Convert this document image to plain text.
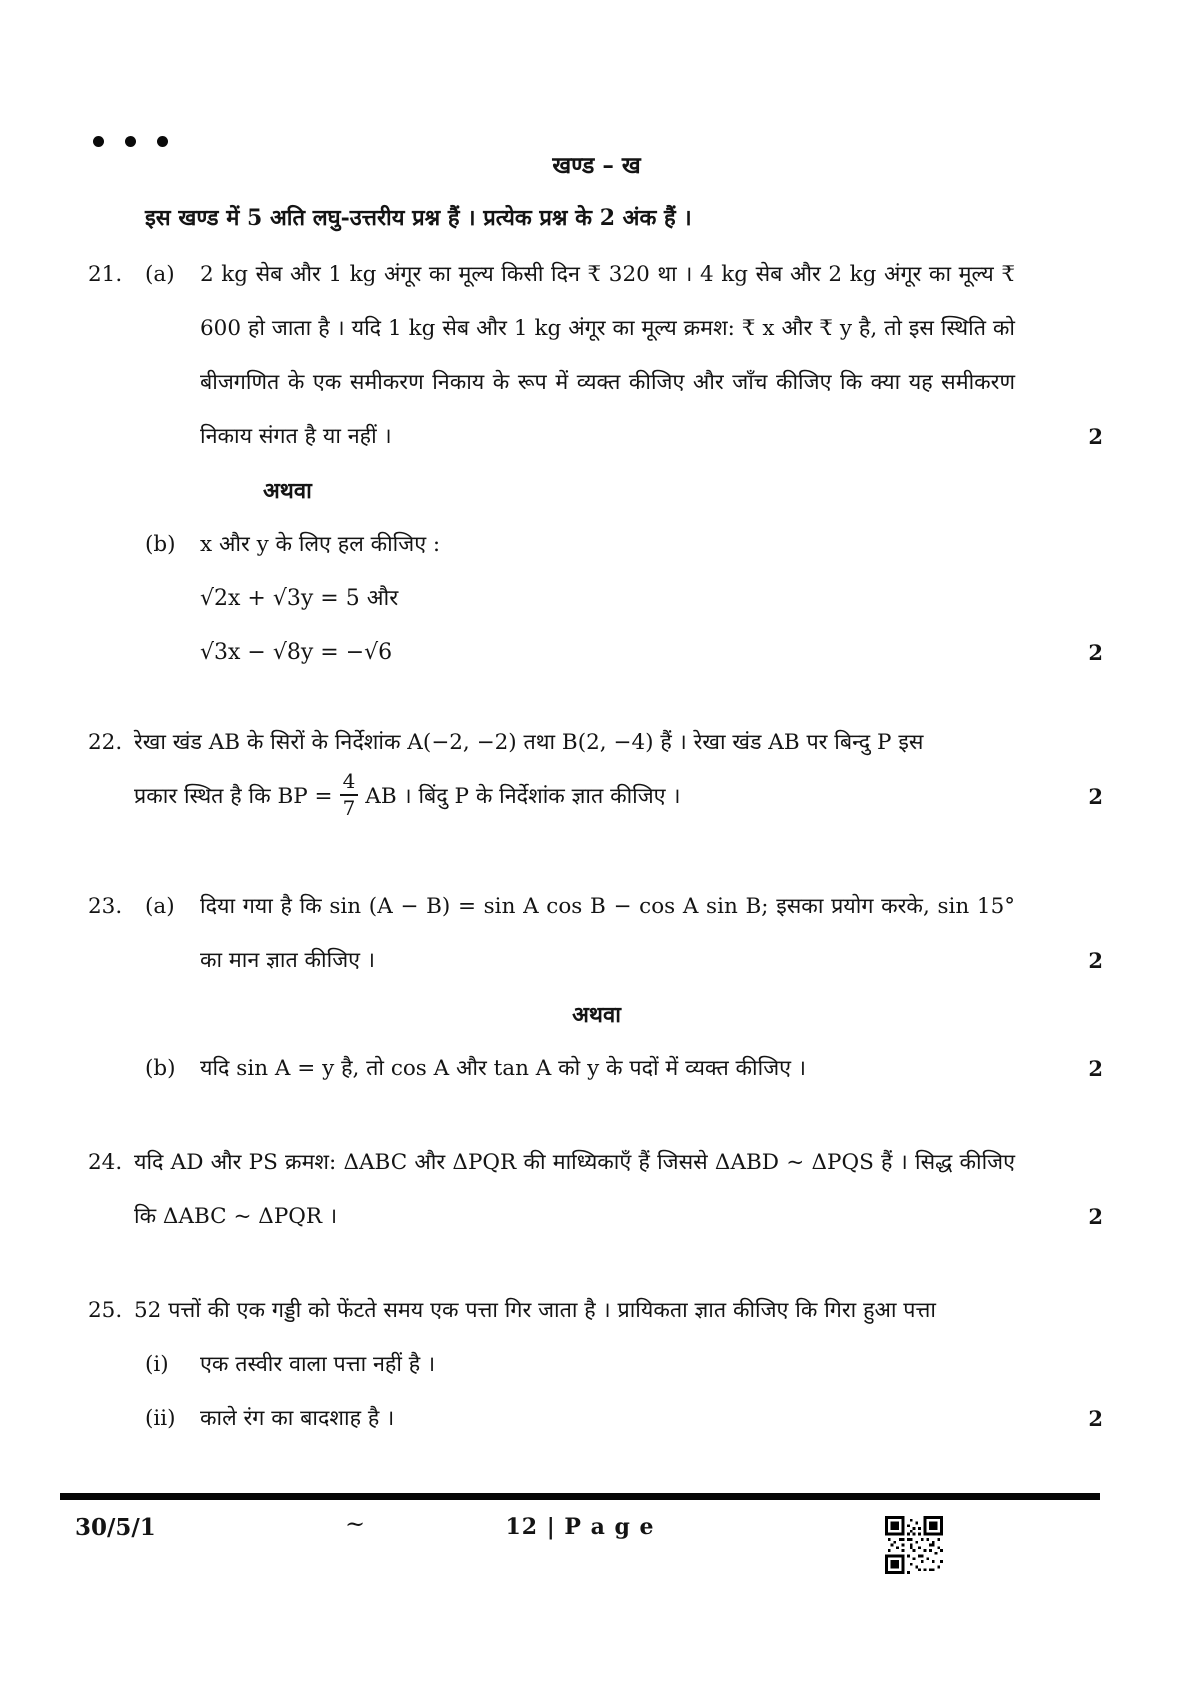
खण्ड – ख
इस खण्ड में 5 अति लघु-उत्तरीय प्रश्न हैं । प्रत्येक प्रश्न के 2 अंक हैं ।
21.	(a)	2 kg सेब और 1 kg अंगूर का मूल्य किसी दिन ₹ 320 था । 4 kg सेब और 2 kg अंगूर का मूल्य ₹ 600 हो जाता है । यदि 1 kg सेब और 1 kg अंगूर का मूल्य क्रमश: ₹ x और ₹ y है, तो इस स्थिति को बीजगणित के एक समीकरण निकाय के रूप में व्यक्त कीजिए और जाँच कीजिए कि क्या यह समीकरण निकाय संगत है या नहीं ।	2
अथवा
(b)	x और y के लिए हल कीजिए :
√2x + √3y = 5 और
√3x − √8y = −√6	2
22. रेखा खंड AB के सिरों के निर्देशांक A(−2, −2) तथा B(2, −4) हैं । रेखा खंड AB पर बिन्दु P इस
प्रकार स्थित है कि BP = $\frac{4}{7}$ AB । बिंदु P के निर्देशांक ज्ञात कीजिए ।	2
23.	(a)	दिया गया है कि sin (A − B) = sin A cos B − cos A sin B; इसका प्रयोग करके, sin 15° का मान ज्ञात कीजिए ।	2
अथवा
(b)	यदि sin A = y है, तो cos A और tan A को y के पदों में व्यक्त कीजिए ।	2
24. यदि AD और PS क्रमश: ΔABC और ΔPQR की माध्यिकाएँ हैं जिससे ΔABD ~ ΔPQS हैं । सिद्ध कीजिए कि ΔABC ~ ΔPQR ।	2
25. 52 पत्तों की एक गड्डी को फेंटते समय एक पत्ता गिर जाता है । प्रायिकता ज्ञात कीजिए कि गिरा हुआ पत्ता
(i)	एक तस्वीर वाला पत्ता नहीं है ।
(ii)	काले रंग का बादशाह है ।	2
30/5/1	~	12 | P a g e
